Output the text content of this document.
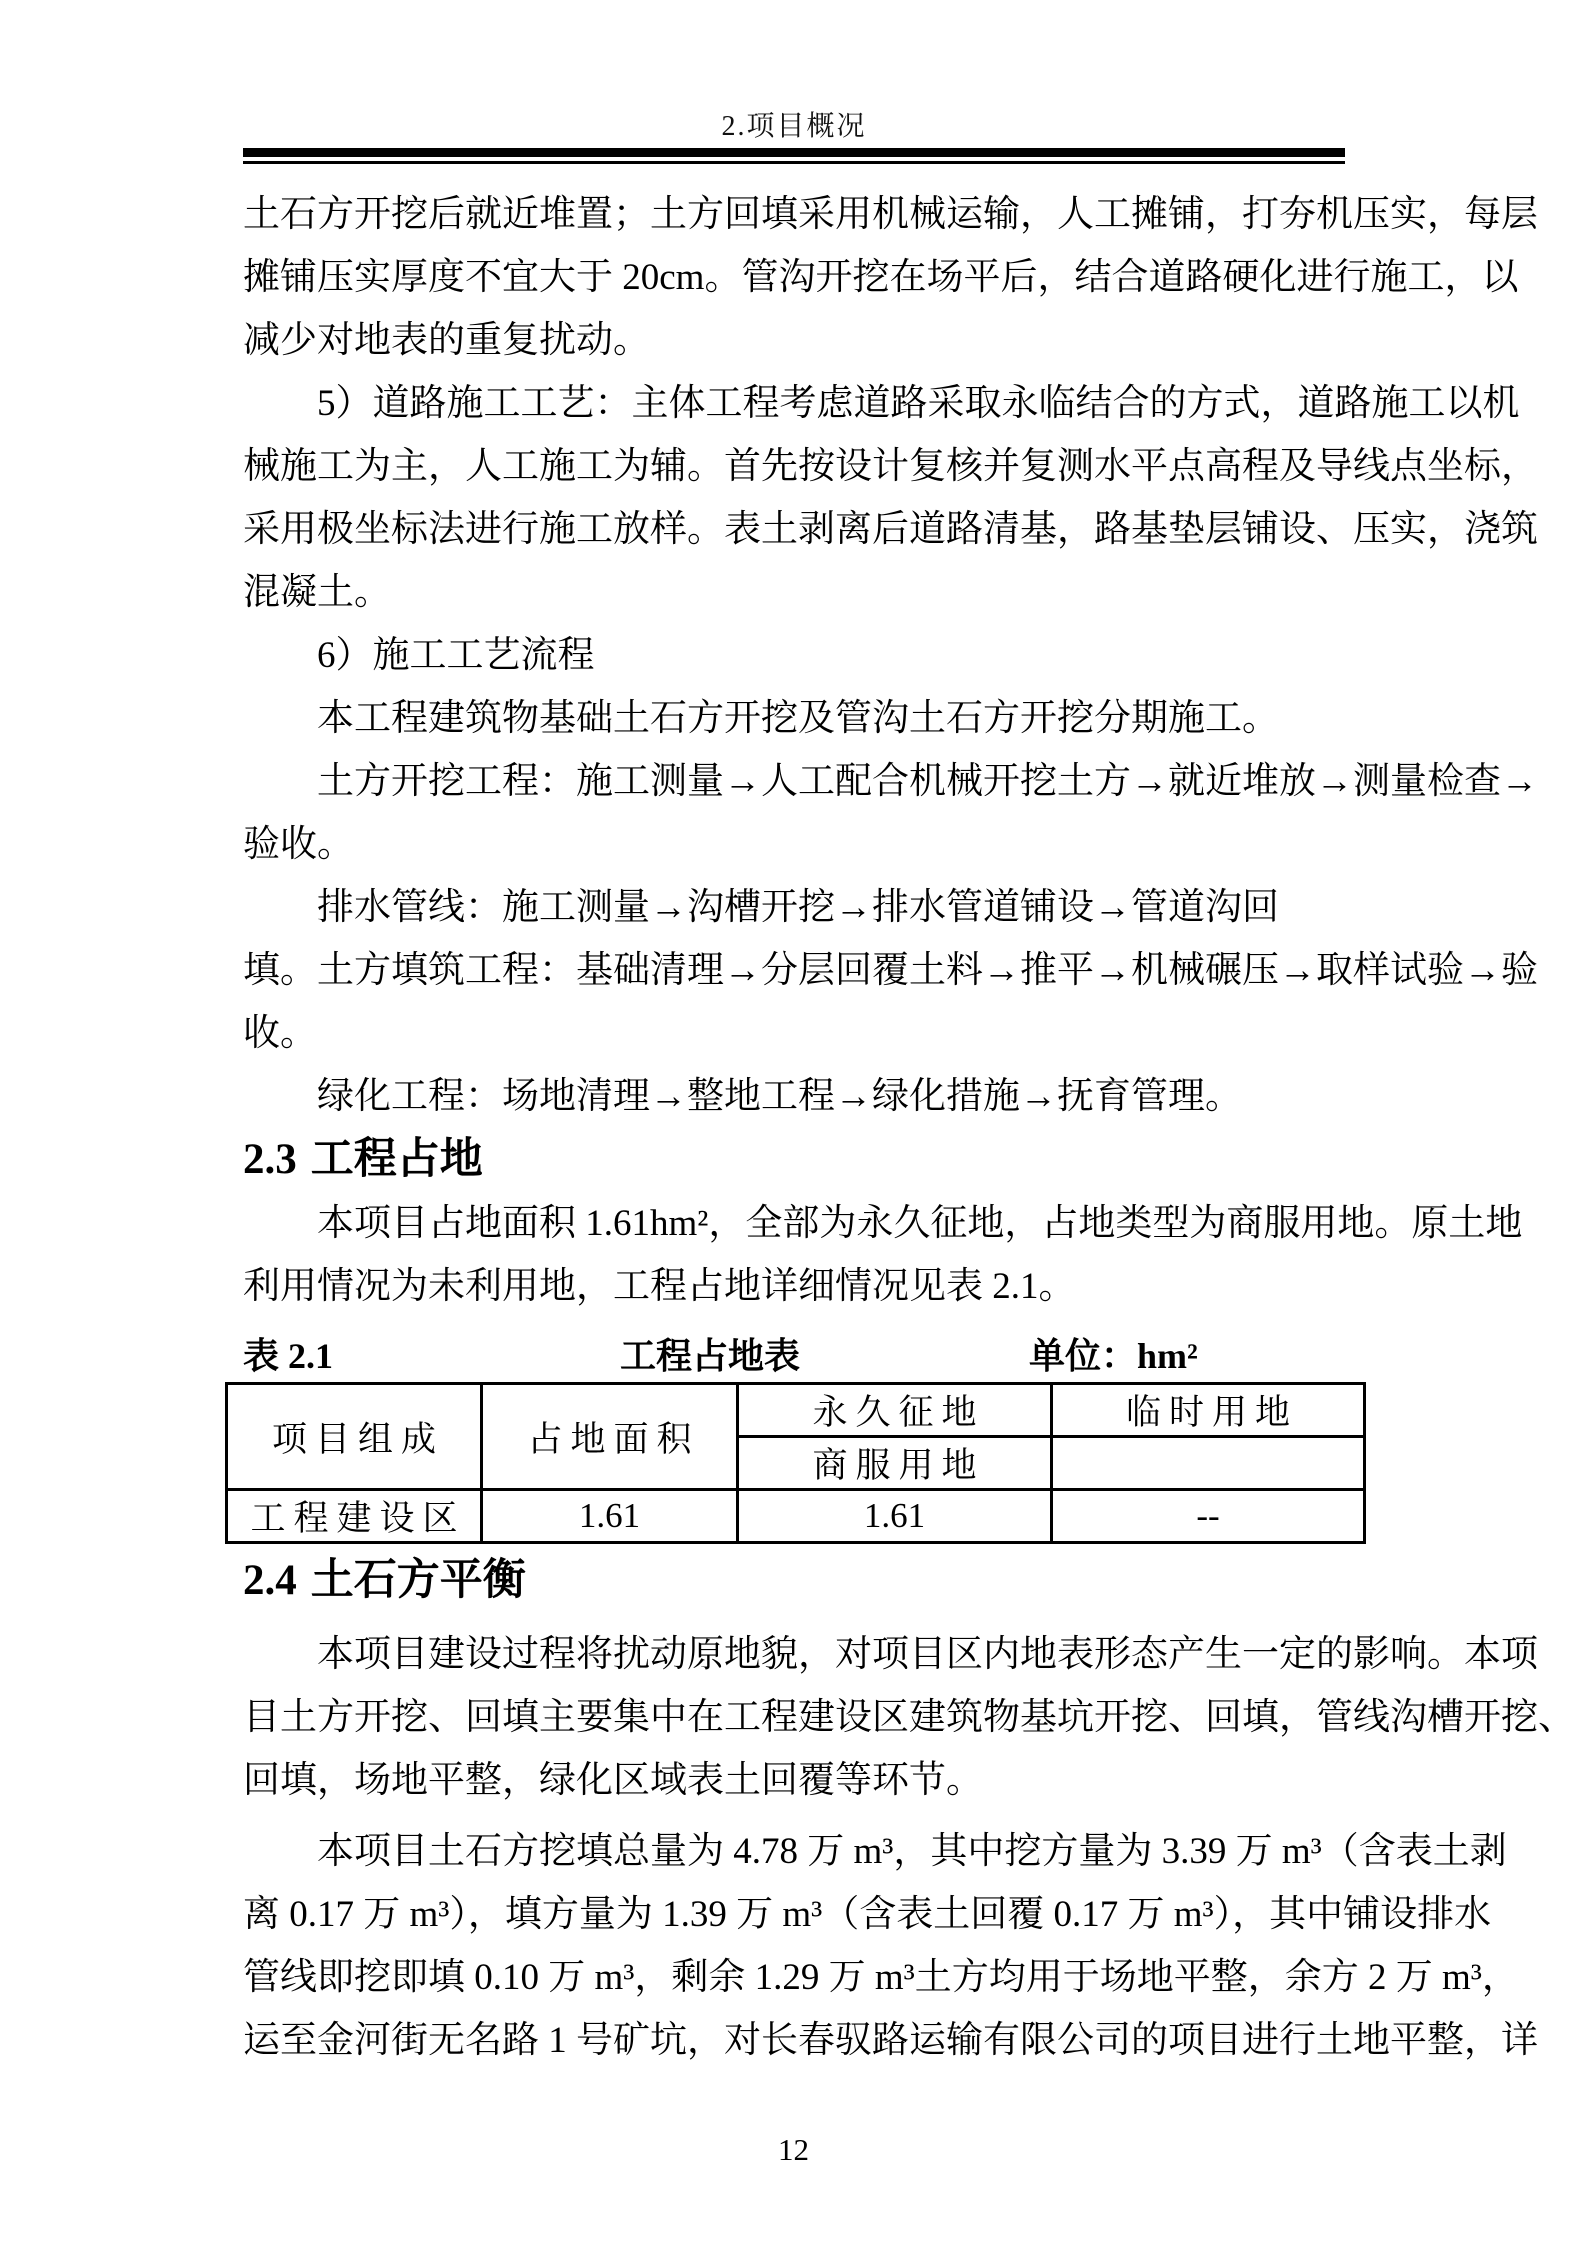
2.项目概况
土石方开挖后就近堆置；土方回填采用机械运输，人工摊铺，打夯机压实，每层
摊铺压实厚度不宜大于 20cm。管沟开挖在场平后，结合道路硬化进行施工，以
减少对地表的重复扰动。
5）道路施工工艺：主体工程考虑道路采取永临结合的方式，道路施工以机
械施工为主，人工施工为辅。首先按设计复核并复测水平点高程及导线点坐标，
采用极坐标法进行施工放样。表土剥离后道路清基，路基垫层铺设、压实，浇筑
混凝土。
6）施工工艺流程
本工程建筑物基础土石方开挖及管沟土石方开挖分期施工。
土方开挖工程：施工测量→人工配合机械开挖土方→就近堆放→测量检查→
验收。
排水管线：施工测量→沟槽开挖→排水管道铺设→管道沟回填。 土方填筑工程：基础清理→分层回覆土料→推平→机械碾压→取样试验→验
收。
绿化工程：场地清理→整地工程→绿化措施→抚育管理。
2.3 工程占地
本项目占地面积 1.61hm²，全部为永久征地，占地类型为商服用地。原土地
利用情况为未利用地，工程占地详细情况见表 2.1。
表 2.1	工程占地表	单位：hm²
项目组成	占地面积	永久征地	临时用地
		商服用地	
工程建设区	1.61	1.61	--
2.4 土石方平衡
本项目建设过程将扰动原地貌，对项目区内地表形态产生一定的影响。本项
目土方开挖、回填主要集中在工程建设区建筑物基坑开挖、回填，管线沟槽开挖、
回填，场地平整，绿化区域表土回覆等环节。
本项目土石方挖填总量为 4.78 万 m³，其中挖方量为 3.39 万 m³（含表土剥
离 0.17 万 m³），填方量为 1.39 万 m³（含表土回覆 0.17 万 m³），其中铺设排水
管线即挖即填 0.10 万 m³，剩余 1.29 万 m³土方均用于场地平整，余方 2 万 m³，
运至金河街无名路 1 号矿坑，对长春驭路运输有限公司的项目进行土地平整，详
12
